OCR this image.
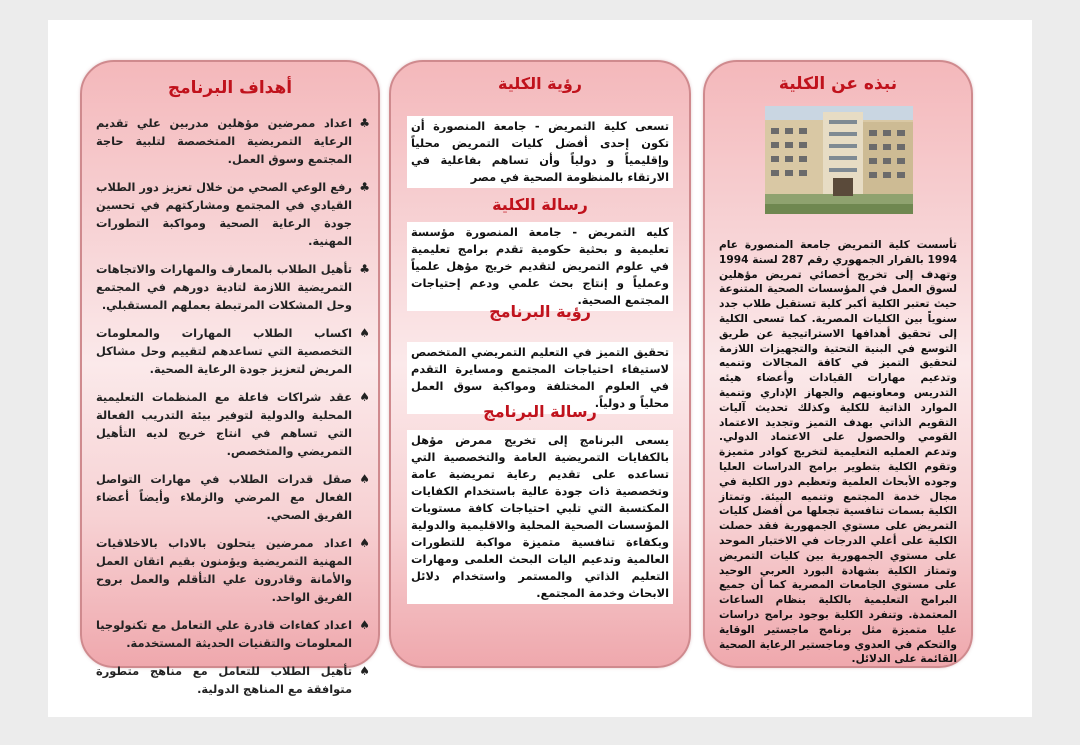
نبذه عن الكلية
تأسست كلية التمريض جامعة المنصورة عام 1994 بالقرار الجمهوري رقم 287 لسنة 1994 وتهدف إلى تخريج أخصائي تمريض مؤهلين لسوق العمل في المؤسسات الصحية المتنوعة حيث تعتبر الكلية أكبر كلية تستقبل طلاب جدد سنوياً بين الكليات المصرية. كما تسعى الكلية إلى تحقيق أهدافها الاستراتيجية عن طريق التوسع في البنية التحتية والتجهيزات اللازمة لتحقيق التميز في كافة المجالات وتنميه وتدعيم مهارات القيادات وأعضاء هيئه التدريس ومعاونيهم والجهاز الإداري وتنمية الموارد الذاتية للكلية وكذلك تحديث آليات التقويم الذاتي بهدف التميز وتجديد الاعتماد القومي والحصول على الاعتماد الدولي. وتدعم العمليه التعليمية لتخريج كوادر متميزة وتقوم الكلية بتطوير برامج الدراسات العليا وجوده الأبحاث العلمية وتعظيم دور الكلية في مجال خدمة المجتمع وتنميه البيئة. وتمتاز الكلية بسمات تنافسية تجعلها من أفضل كليات التمريض على مستوي الجمهورية فقد حصلت الكلية على أعلي الدرجات في الاختبار الموحد على مستوي الجمهورية بين كليات التمريض وتمتاز الكلية بشهادة البورد العربي الوحيد على مستوي الجامعات المصرية كما أن جميع البرامج التعليمية بالكلية بنظام الساعات المعتمدة. وتنفرد الكلية بوجود برامج دراسات عليا متميزة مثل برنامج ماجستير الوقاية والتحكم في العدوي وماجستير الرعاية الصحية القائمة على الدلائل.
رؤية الكلية
تسعى كلية التمريض - جامعة المنصورة أن تكون إحدى أفضل كليات التمريض محلياً وإقليمياً و دولياً وأن تساهم بفاعلية في الارتقاء بالمنظومة الصحية في مصر
رسالة الكلية
كليه التمريض - جامعة المنصورة مؤسسة تعليمية و بحثية حكومية تقدم برامج تعليمية في علوم التمريض لتقديم خريج مؤهل علمياً وعملياً و إنتاج بحث علمي ودعم إحتياجات المجتمع الصحية.
رؤية البرنامج
تحقيق التميز في التعليم التمريضي المتخصص لاستيفاء احتياجات المجتمع ومسايرة التقدم في العلوم المختلفة ومواكبة سوق العمل محلياً و دولياً.
رسالة البرنامج
يسعى البرنامج إلى تخريج ممرض مؤهل بالكفايات التمريضية العامة والتخصصية التي تساعده على تقديم رعاية تمريضية عامة وتخصصية ذات جودة عالية باستخدام الكفايات المكتسبة التي تلبي احتياجات كافة مستويات المؤسسات الصحية المحلية والاقليمية والدولية وبكفاءة تنافسية متميزة مواكبة للتطورات العالمية وتدعيم اليات البحث العلمى ومهارات التعليم الذاتي والمستمر واستخدام دلائل الابحاث وخدمة المجتمع.
أهداف البرنامج
♣
اعداد ممرضين مؤهلين مدربين علي تقديم الرعاية التمريضية المتخصصة لتلبية حاجة المجتمع وسوق العمل.
♣
رفع الوعي الصحي من خلال تعزيز دور الطلاب القيادي في المجتمع ومشاركتهم في تحسين جودة الرعاية الصحية ومواكبة التطورات المهنية.
♣
تأهيل الطلاب بالمعارف والمهارات والاتجاهات التمريضية اللازمة لتادية دورهم في المجتمع وحل المشكلات المرتبطة بعملهم المستقبلي.
♠
اكساب الطلاب المهارات والمعلومات التخصصية التي تساعدهم لتقييم وحل مشاكل المريض لتعزيز جودة الرعاية الصحية.
♠
عقد شراكات فاعلة مع المنظمات التعليمية المحلية والدولية لتوفير بيئة التدريب الفعالة التي تساهم في انتاج خريج لديه التأهيل التمريضي والمتخصص.
♠
صقل قدرات الطلاب في مهارات التواصل الفعال مع المرضي والزملاء وأيضاً أعضاء الفريق الصحي.
♠
اعداد ممرضين يتحلون بالاداب بالاخلاقيات المهنية التمريضية ويؤمنون بقيم اتقان العمل والأمانة وقادرون علي التأقلم والعمل بروح الفريق الواحد.
♠
اعداد كفاءات قادرة علي التعامل مع تكنولوجيا المعلومات والتقنيات الحديثة المستخدمة.
♠
تأهيل الطلاب للتعامل مع مناهج متطورة متوافقة مع المناهج الدولية.
